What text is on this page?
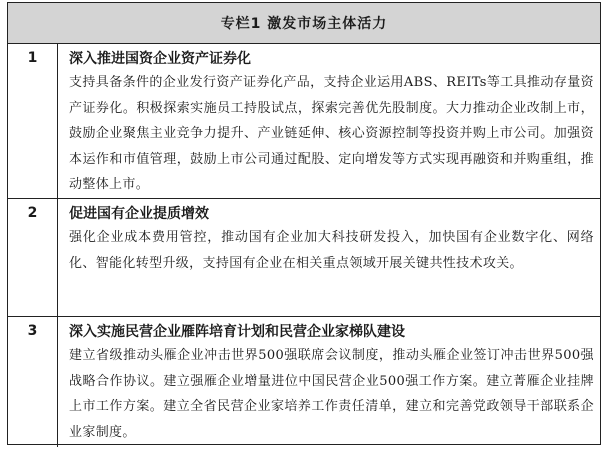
专栏1 激发市场主体活力
1	深入推进国资企业资产证券化
支持具备条件的企业发行资产证券化产品，支持企业运用ABS、REITs等工具推动存量资产证券化。积极探索实施员工持股试点，探索完善优先股制度。大力推动企业改制上市，鼓励企业聚焦主业竞争力提升、产业链延伸、核心资源控制等投资并购上市公司。加强资本运作和市值管理，鼓励上市公司通过配股、定向增发等方式实现再融资和并购重组，推动整体上市。
2	促进国有企业提质增效
强化企业成本费用管控，推动国有企业加大科技研发投入，加快国有企业数字化、网络化、智能化转型升级，支持国有企业在相关重点领域开展关键共性技术攻关。
3	深入实施民营企业雁阵培育计划和民营企业家梯队建设
建立省级推动头雁企业冲击世界500强联席会议制度，推动头雁企业签订冲击世界500强战略合作协议。建立强雁企业增量进位中国民营企业500强工作方案。建立菁雁企业挂牌上市工作方案。建立全省民营企业家培养工作责任清单，建立和完善党政领导干部联系企业家制度。
